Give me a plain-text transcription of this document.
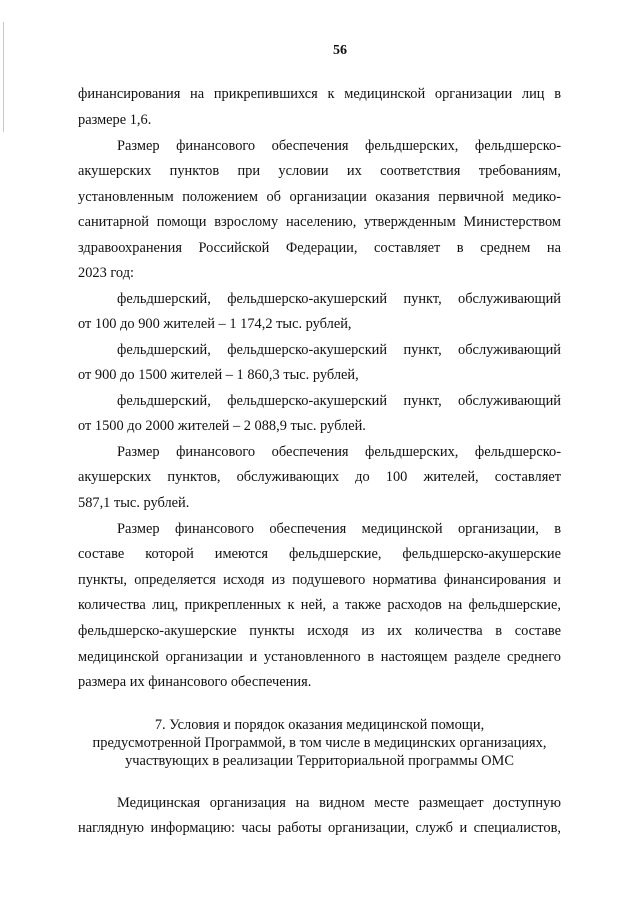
56
финансирования на прикрепившихся к медицинской организации лиц в
размере 1,6.
Размер финансового обеспечения фельдшерских, фельдшерско-
акушерских пунктов при условии их соответствия требованиям,
установленным положением об организации оказания первичной медико-
санитарной помощи взрослому населению, утвержденным Министерством
здравоохранения Российской Федерации, составляет в среднем на
2023 год:
фельдшерский, фельдшерско-акушерский пункт, обслуживающий
от 100 до 900 жителей – 1 174,2 тыс. рублей,
фельдшерский, фельдшерско-акушерский пункт, обслуживающий
от 900 до 1500 жителей – 1 860,3 тыс. рублей,
фельдшерский, фельдшерско-акушерский пункт, обслуживающий
от 1500 до 2000 жителей – 2 088,9 тыс. рублей.
Размер финансового обеспечения фельдшерских, фельдшерско-
акушерских пунктов, обслуживающих до 100 жителей, составляет
587,1 тыс. рублей.
Размер финансового обеспечения медицинской организации, в
составе которой имеются фельдшерские, фельдшерско-акушерские
пункты, определяется исходя из подушевого норматива финансирования и
количества лиц, прикрепленных к ней, а также расходов на фельдшерские,
фельдшерско-акушерские пункты исходя из их количества в составе
медицинской организации и установленного в настоящем разделе среднего
размера их финансового обеспечения.
7. Условия и порядок оказания медицинской помощи,
предусмотренной Программой, в том числе в медицинских организациях,
участвующих в реализации Территориальной программы ОМС
Медицинская организация на видном месте размещает доступную
наглядную информацию: часы работы организации, служб и специалистов,
